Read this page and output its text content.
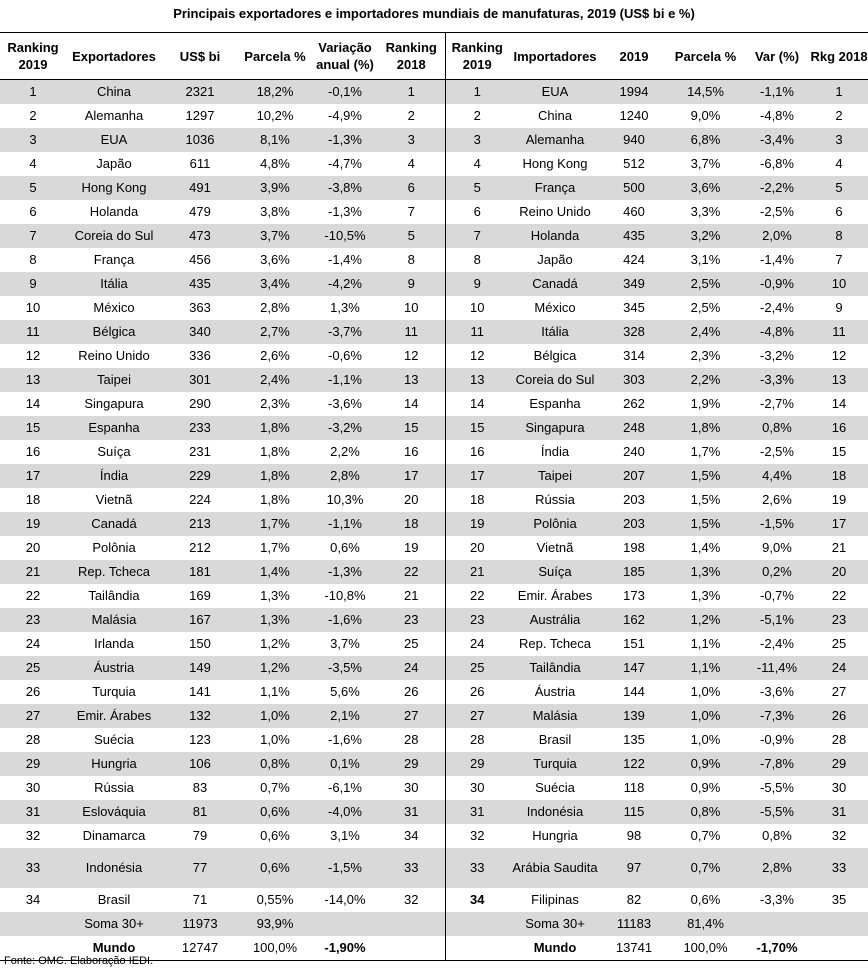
Principais exportadores e importadores mundiais de manufaturas, 2019 (US$ bi e %)
Ranking 2019	Exportadores	US$ bi	Parcela %	Variação anual (%)	Ranking 2018	Ranking 2019	Importadores	2019	Parcela %	Var (%)	Rkg 2018
1	China	2321	18,2%	-0,1%	1	1	EUA	1994	14,5%	-1,1%	1
2	Alemanha	1297	10,2%	-4,9%	2	2	China	1240	9,0%	-4,8%	2
3	EUA	1036	8,1%	-1,3%	3	3	Alemanha	940	6,8%	-3,4%	3
4	Japão	611	4,8%	-4,7%	4	4	Hong Kong	512	3,7%	-6,8%	4
5	Hong Kong	491	3,9%	-3,8%	6	5	França	500	3,6%	-2,2%	5
6	Holanda	479	3,8%	-1,3%	7	6	Reino Unido	460	3,3%	-2,5%	6
7	Coreia do Sul	473	3,7%	-10,5%	5	7	Holanda	435	3,2%	2,0%	8
8	França	456	3,6%	-1,4%	8	8	Japão	424	3,1%	-1,4%	7
9	Itália	435	3,4%	-4,2%	9	9	Canadá	349	2,5%	-0,9%	10
10	México	363	2,8%	1,3%	10	10	México	345	2,5%	-2,4%	9
11	Bélgica	340	2,7%	-3,7%	11	11	Itália	328	2,4%	-4,8%	11
12	Reino Unido	336	2,6%	-0,6%	12	12	Bélgica	314	2,3%	-3,2%	12
13	Taipei	301	2,4%	-1,1%	13	13	Coreia do Sul	303	2,2%	-3,3%	13
14	Singapura	290	2,3%	-3,6%	14	14	Espanha	262	1,9%	-2,7%	14
15	Espanha	233	1,8%	-3,2%	15	15	Singapura	248	1,8%	0,8%	16
16	Suíça	231	1,8%	2,2%	16	16	Índia	240	1,7%	-2,5%	15
17	Índia	229	1,8%	2,8%	17	17	Taipei	207	1,5%	4,4%	18
18	Vietnã	224	1,8%	10,3%	20	18	Rússia	203	1,5%	2,6%	19
19	Canadá	213	1,7%	-1,1%	18	19	Polônia	203	1,5%	-1,5%	17
20	Polônia	212	1,7%	0,6%	19	20	Vietnã	198	1,4%	9,0%	21
21	Rep. Tcheca	181	1,4%	-1,3%	22	21	Suíça	185	1,3%	0,2%	20
22	Tailândia	169	1,3%	-10,8%	21	22	Emir. Árabes	173	1,3%	-0,7%	22
23	Malásia	167	1,3%	-1,6%	23	23	Austrália	162	1,2%	-5,1%	23
24	Irlanda	150	1,2%	3,7%	25	24	Rep. Tcheca	151	1,1%	-2,4%	25
25	Áustria	149	1,2%	-3,5%	24	25	Tailândia	147	1,1%	-11,4%	24
26	Turquia	141	1,1%	5,6%	26	26	Áustria	144	1,0%	-3,6%	27
27	Emir. Árabes	132	1,0%	2,1%	27	27	Malásia	139	1,0%	-7,3%	26
28	Suécia	123	1,0%	-1,6%	28	28	Brasil	135	1,0%	-0,9%	28
29	Hungria	106	0,8%	0,1%	29	29	Turquia	122	0,9%	-7,8%	29
30	Rússia	83	0,7%	-6,1%	30	30	Suécia	118	0,9%	-5,5%	30
31	Eslováquia	81	0,6%	-4,0%	31	31	Indonésia	115	0,8%	-5,5%	31
32	Dinamarca	79	0,6%	3,1%	34	32	Hungria	98	0,7%	0,8%	32
33	Indonésia	77	0,6%	-1,5%	33	33	Arábia Saudita	97	0,7%	2,8%	33
34	Brasil	71	0,55%	-14,0%	32	34	Filipinas	82	0,6%	-3,3%	35
	Soma 30+	11973	93,9%				Soma 30+	11183	81,4%		
	Mundo	12747	100,0%	-1,90%			Mundo	13741	100,0%	-1,70%	
Fonte: OMC. Elaboração IEDI.
